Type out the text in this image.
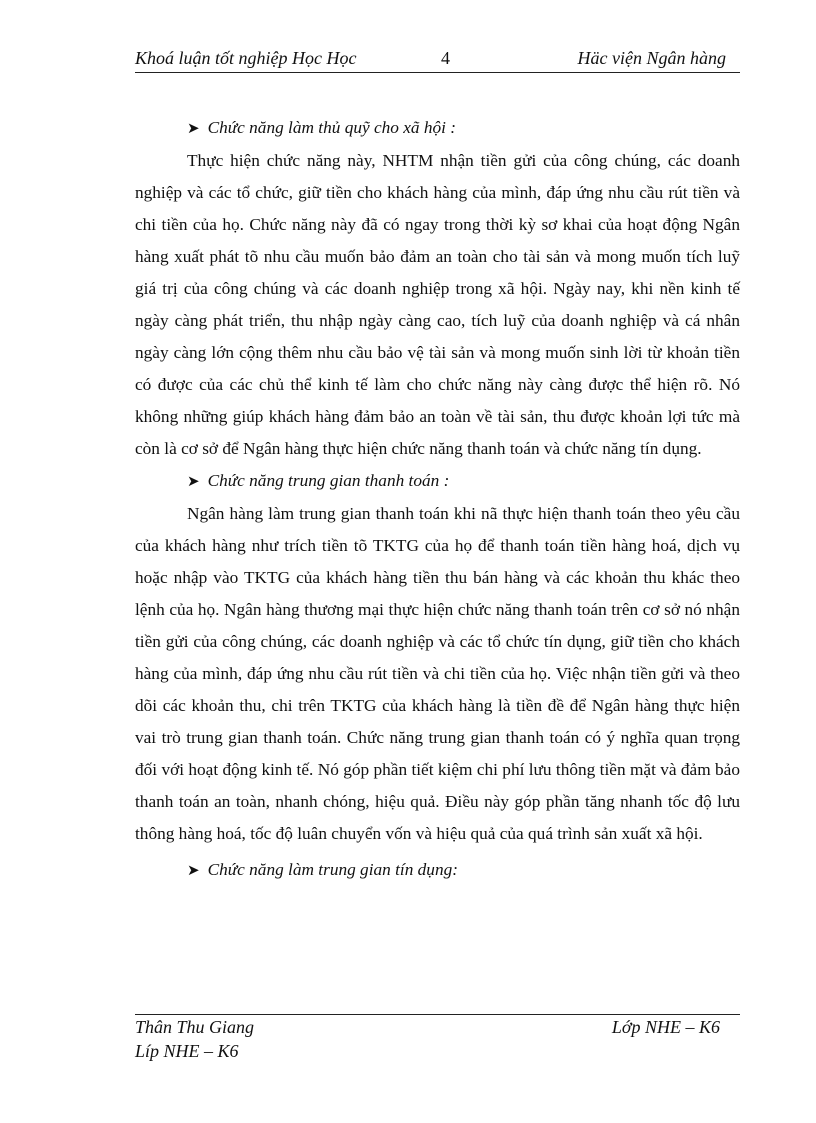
Khoá luận tốt nghiệp Học Học	4	Häc viện Ngân hàng

➤ Chức năng làm thủ quỹ cho xã hội :

Thực hiện chức năng này, NHTM nhận tiền gửi của công chúng, các doanh nghiệp và các tổ chức, giữ tiền cho khách hàng của mình, đáp ứng nhu cầu rút tiền và chi tiền của họ. Chức năng này đã có ngay trong thời kỳ sơ khai của hoạt động Ngân hàng xuất phát tõ nhu cầu muốn bảo đảm an toàn cho tài sản và mong muốn tích luỹ giá trị của công chúng và các doanh nghiệp trong xã hội. Ngày nay, khi nền kinh tế ngày càng phát triển, thu nhập ngày càng cao, tích luỹ của doanh nghiệp và cá nhân ngày càng lớn cộng thêm nhu cầu bảo vệ tài sản và mong muốn sinh lời từ khoản tiền có được của các chủ thể kinh tế làm cho chức năng này càng được thể hiện rõ. Nó không những giúp khách hàng đảm bảo an toàn về tài sản, thu được khoản lợi tức mà còn là cơ sở để Ngân hàng thực hiện chức năng thanh toán và chức năng tín dụng.

➤ Chức năng trung gian thanh toán :

Ngân hàng làm trung gian thanh toán khi nã thực hiện thanh toán theo yêu cầu của khách hàng như trích tiền tõ TKTG của họ để thanh toán tiền hàng hoá, dịch vụ hoặc nhập vào TKTG của khách hàng tiền thu bán hàng và các khoản thu khác theo lệnh của họ. Ngân hàng thương mại thực hiện chức năng thanh toán trên cơ sở nó nhận tiền gửi của công chúng, các doanh nghiệp và các tổ chức tín dụng, giữ tiền cho khách hàng của mình, đáp ứng nhu cầu rút tiền và chi tiền của họ. Việc nhận tiền gửi và theo dõi các khoản thu, chi trên TKTG của khách hàng là tiền đề để Ngân hàng thực hiện vai trò trung gian thanh toán. Chức năng trung gian thanh toán có ý nghĩa quan trọng đối với hoạt động kinh tế. Nó góp phần tiết kiệm chi phí lưu thông tiền mặt và đảm bảo thanh toán an toàn, nhanh chóng, hiệu quả. Điều này góp phần tăng nhanh tốc độ lưu thông hàng hoá, tốc độ luân chuyển vốn và hiệu quả của quá trình sản xuất xã hội.

➤ Chức năng làm trung gian tín dụng:

Thân Thu Giang	Lớp NHE – K6
Líp NHE – K6
